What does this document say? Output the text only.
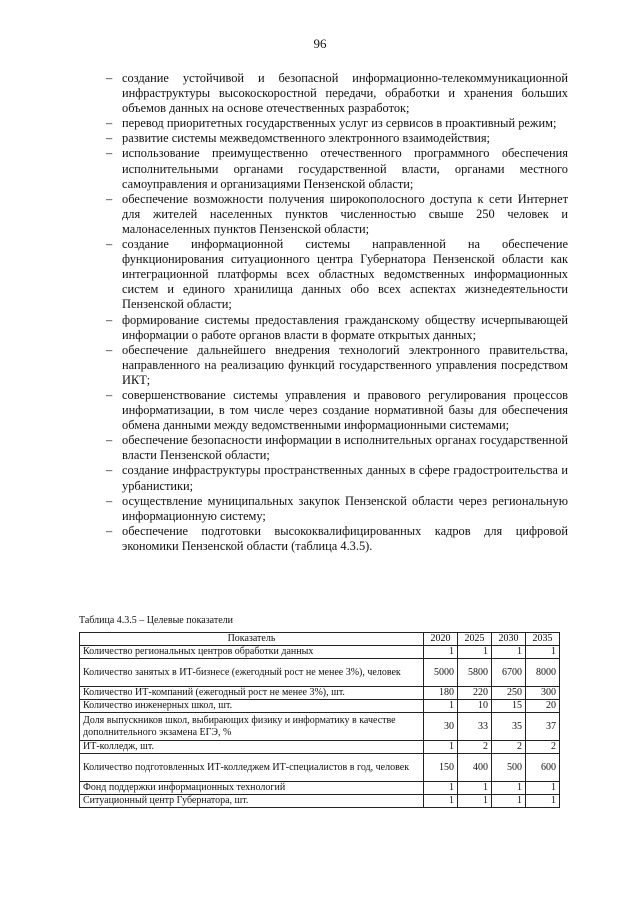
96
– создание устойчивой и безопасной информационно-телекоммуникационной инфраструктуры высокоскоростной передачи, обработки и хранения больших объемов данных на основе отечественных разработок;
– перевод приоритетных государственных услуг из сервисов в проактивный режим;
– развитие системы межведомственного электронного взаимодействия;
– использование преимущественно отечественного программного обеспечения исполнительными органами государственной власти, органами местного самоуправления и организациями Пензенской области;
– обеспечение возможности получения широкополосного доступа к сети Интернет для жителей населенных пунктов численностью свыше 250 человек и малонаселенных пунктов Пензенской области;
– создание информационной системы направленной на обеспечение функционирования ситуационного центра Губернатора Пензенской области как интеграционной платформы всех областных ведомственных информационных систем и единого хранилища данных обо всех аспектах жизнедеятельности Пензенской области;
– формирование системы предоставления гражданскому обществу исчерпывающей информации о работе органов власти в формате открытых данных;
– обеспечение дальнейшего внедрения технологий электронного правительства, направленного на реализацию функций государственного управления посредством ИКТ;
– совершенствование системы управления и правового регулирования процессов информатизации, в том числе через создание нормативной базы для обеспечения обмена данными между ведомственными информационными системами;
– обеспечение безопасности информации в исполнительных органах государственной власти Пензенской области;
– создание инфраструктуры пространственных данных в сфере градостроительства и урбанистики;
– осуществление муниципальных закупок Пензенской области через региональную информационную систему;
– обеспечение подготовки высококвалифицированных кадров для цифровой экономики Пензенской области (таблица 4.3.5).
Таблица 4.3.5 – Целевые показатели
Показатель	2020	2025	2030	2035
Количество региональных центров обработки данных	1	1	1	1
Количество занятых в ИТ-бизнесе (ежегодный рост не менее 3%), человек	5000	5800	6700	8000
Количество ИТ-компаний (ежегодный рост не менее 3%), шт.	180	220	250	300
Количество инженерных школ, шт.	1	10	15	20
Доля выпускников школ, выбирающих физику и информатику в качестве дополнительного экзамена ЕГЭ, %	30	33	35	37
ИТ-колледж, шт.	1	2	2	2
Количество подготовленных ИТ-колледжем ИТ-специалистов в год, человек	150	400	500	600
Фонд поддержки информационных технологий	1	1	1	1
Ситуационный центр Губернатора, шт.	1	1	1	1
